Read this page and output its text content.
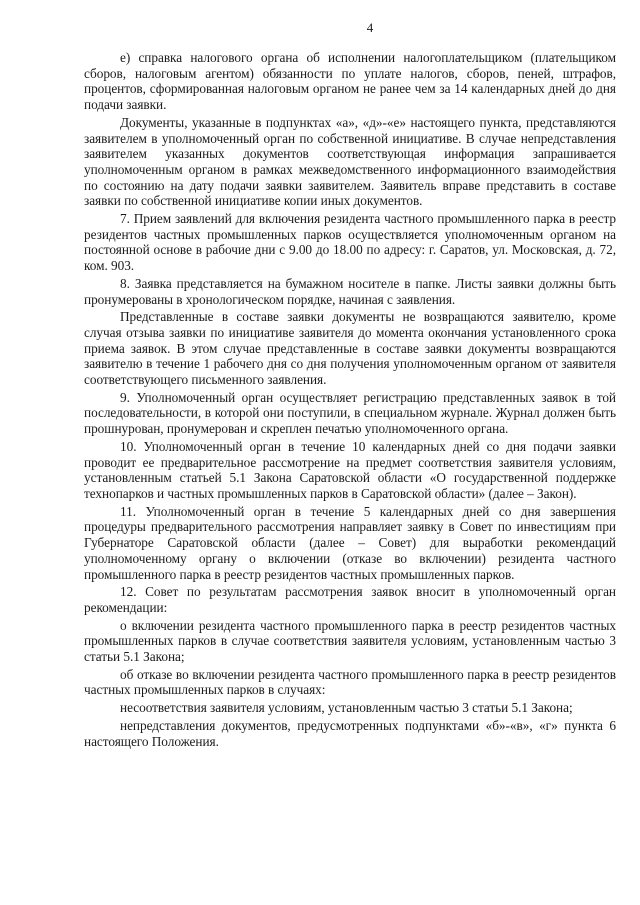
4

е) справка налогового органа об исполнении налогоплательщиком (плательщиком сборов, налоговым агентом) обязанности по уплате налогов, сборов, пеней, штрафов, процентов, сформированная налоговым органом не ранее чем за 14 календарных дней до дня подачи заявки.

Документы, указанные в подпунктах «а», «д»-«е» настоящего пункта, представляются заявителем в уполномоченный орган по собственной инициативе. В случае непредставления заявителем указанных документов соответствующая информация запрашивается уполномоченным органом в рамках межведомственного информационного взаимодействия по состоянию на дату подачи заявки заявителем. Заявитель вправе представить в составе заявки по собственной инициативе копии иных документов.

7. Прием заявлений для включения резидента частного промышленного парка в реестр резидентов частных промышленных парков осуществляется уполномоченным органом на постоянной основе в рабочие дни с 9.00 до 18.00 по адресу: г. Саратов, ул. Московская, д. 72, ком. 903.

8. Заявка представляется на бумажном носителе в папке. Листы заявки должны быть пронумерованы в хронологическом порядке, начиная с заявления.

Представленные в составе заявки документы не возвращаются заявителю, кроме случая отзыва заявки по инициативе заявителя до момента окончания установленного срока приема заявок. В этом случае представленные в составе заявки документы возвращаются заявителю в течение 1 рабочего дня со дня получения уполномоченным органом от заявителя соответствующего письменного заявления.

9. Уполномоченный орган осуществляет регистрацию представленных заявок в той последовательности, в которой они поступили, в специальном журнале. Журнал должен быть прошнурован, пронумерован и скреплен печатью уполномоченного органа.

10. Уполномоченный орган в течение 10 календарных дней со дня подачи заявки проводит ее предварительное рассмотрение на предмет соответствия заявителя условиям, установленным статьей 5.1 Закона Саратовской области «О государственной поддержке технопарков и частных промышленных парков в Саратовской области» (далее – Закон).

11. Уполномоченный орган в течение 5 календарных дней со дня завершения процедуры предварительного рассмотрения направляет заявку в Совет по инвестициям при Губернаторе Саратовской области (далее – Совет) для выработки рекомендаций уполномоченному органу о включении (отказе во включении) резидента частного промышленного парка в реестр резидентов частных промышленных парков.

12. Совет по результатам рассмотрения заявок вносит в уполномоченный орган рекомендации:

о включении резидента частного промышленного парка в реестр резидентов частных промышленных парков в случае соответствия заявителя условиям, установленным частью 3 статьи 5.1 Закона;

об отказе во включении резидента частного промышленного парка в реестр резидентов частных промышленных парков в случаях:

несоответствия заявителя условиям, установленным частью 3 статьи 5.1 Закона;

непредставления документов, предусмотренных подпунктами «б»-«в», «г» пункта 6 настоящего Положения.
